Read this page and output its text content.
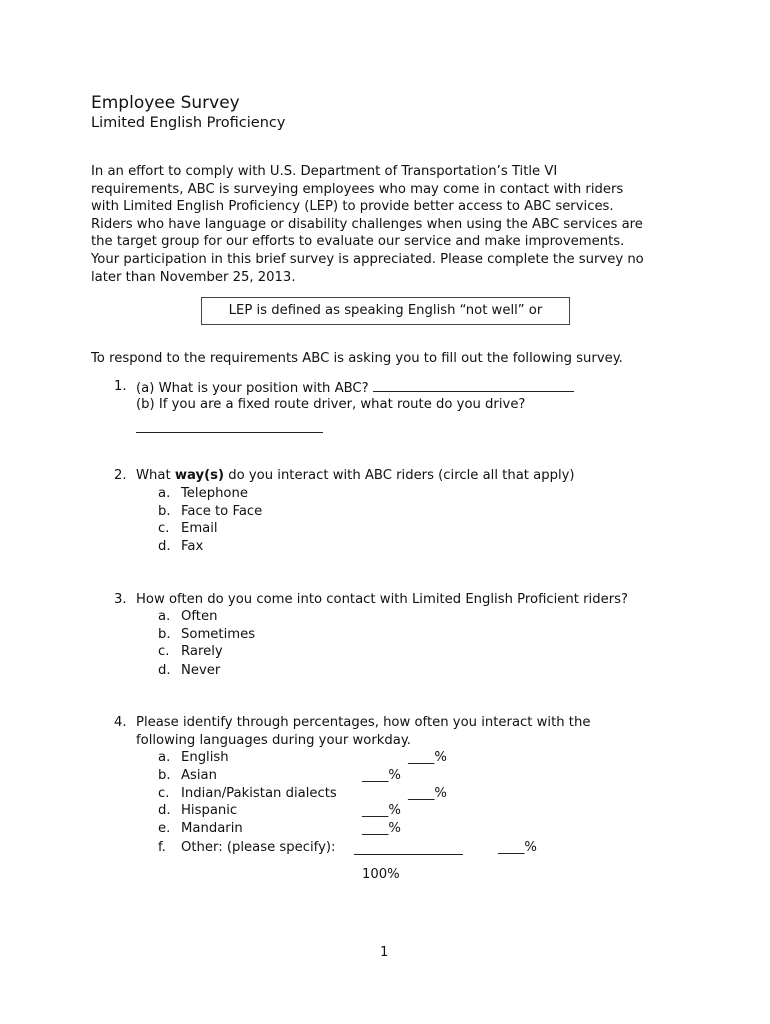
Employee Survey
Limited English Proficiency
In an effort to comply with U.S. Department of Transportation’s Title VI
requirements, ABC is surveying employees who may come in contact with riders
with Limited English Proficiency (LEP) to provide better access to ABC services.
Riders who have language or disability challenges when using the ABC services are
the target group for our efforts to evaluate our service and make improvements.
Your participation in this brief survey is appreciated. Please complete the survey no
later than November 25, 2013.
LEP is defined as speaking English “not well” or
To respond to the requirements ABC is asking you to fill out the following survey.
1. (a) What is your position with ABC?
(b) If you are a fixed route driver, what route do you drive?
2. What way(s) do you interact with ABC riders (circle all that apply)
a. Telephone
b. Face to Face
c. Email
d. Fax
3. How often do you come into contact with Limited English Proficient riders?
a. Often
b. Sometimes
c. Rarely
d. Never
4. Please identify through percentages, how often you interact with the
following languages during your workday.
a. English	____%
b. Asian	____%
c. Indian/Pakistan dialects	____%
d. Hispanic	____%
e. Mandarin	____%
f. Other: (please specify):	____%
100%
1
